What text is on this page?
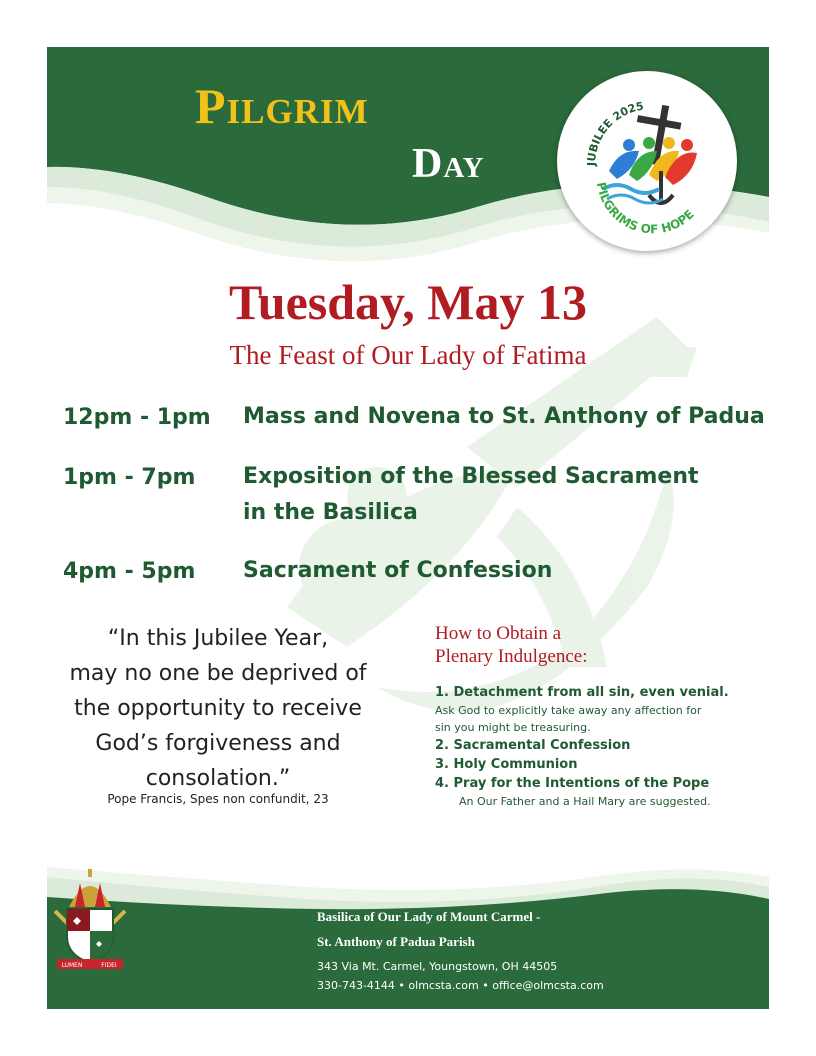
Pilgrim
Day	JUBILEE 2025
PILGRIMS OF HOPE
Tuesday, May 13
The Feast of Our Lady of Fatima
12pm - 1pm Mass and Novena to St. Anthony of Padua
1pm - 7pm Exposition of the Blessed Sacrament
in the Basilica
4pm - 5pm Sacrament of Confession
“In this Jubilee Year,
may no one be deprived of
the opportunity to receive
God’s forgiveness and
consolation.”
Pope Francis, Spes non confundit, 23
How to Obtain a
Plenary Indulgence:
1. Detachment from all sin, even venial.
Ask God to explicitly take away any affection for
sin you might be treasuring.
2. Sacramental Confession
3. Holy Communion
4. Pray for the Intentions of the Pope
An Our Father and a Hail Mary are suggested.
LUMEN	FIDEI
Basilica of Our Lady of Mount Carmel -
St. Anthony of Padua Parish
343 Via Mt. Carmel, Youngstown, OH 44505
330-743-4144 • olmcsta.com • office@olmcsta.com
